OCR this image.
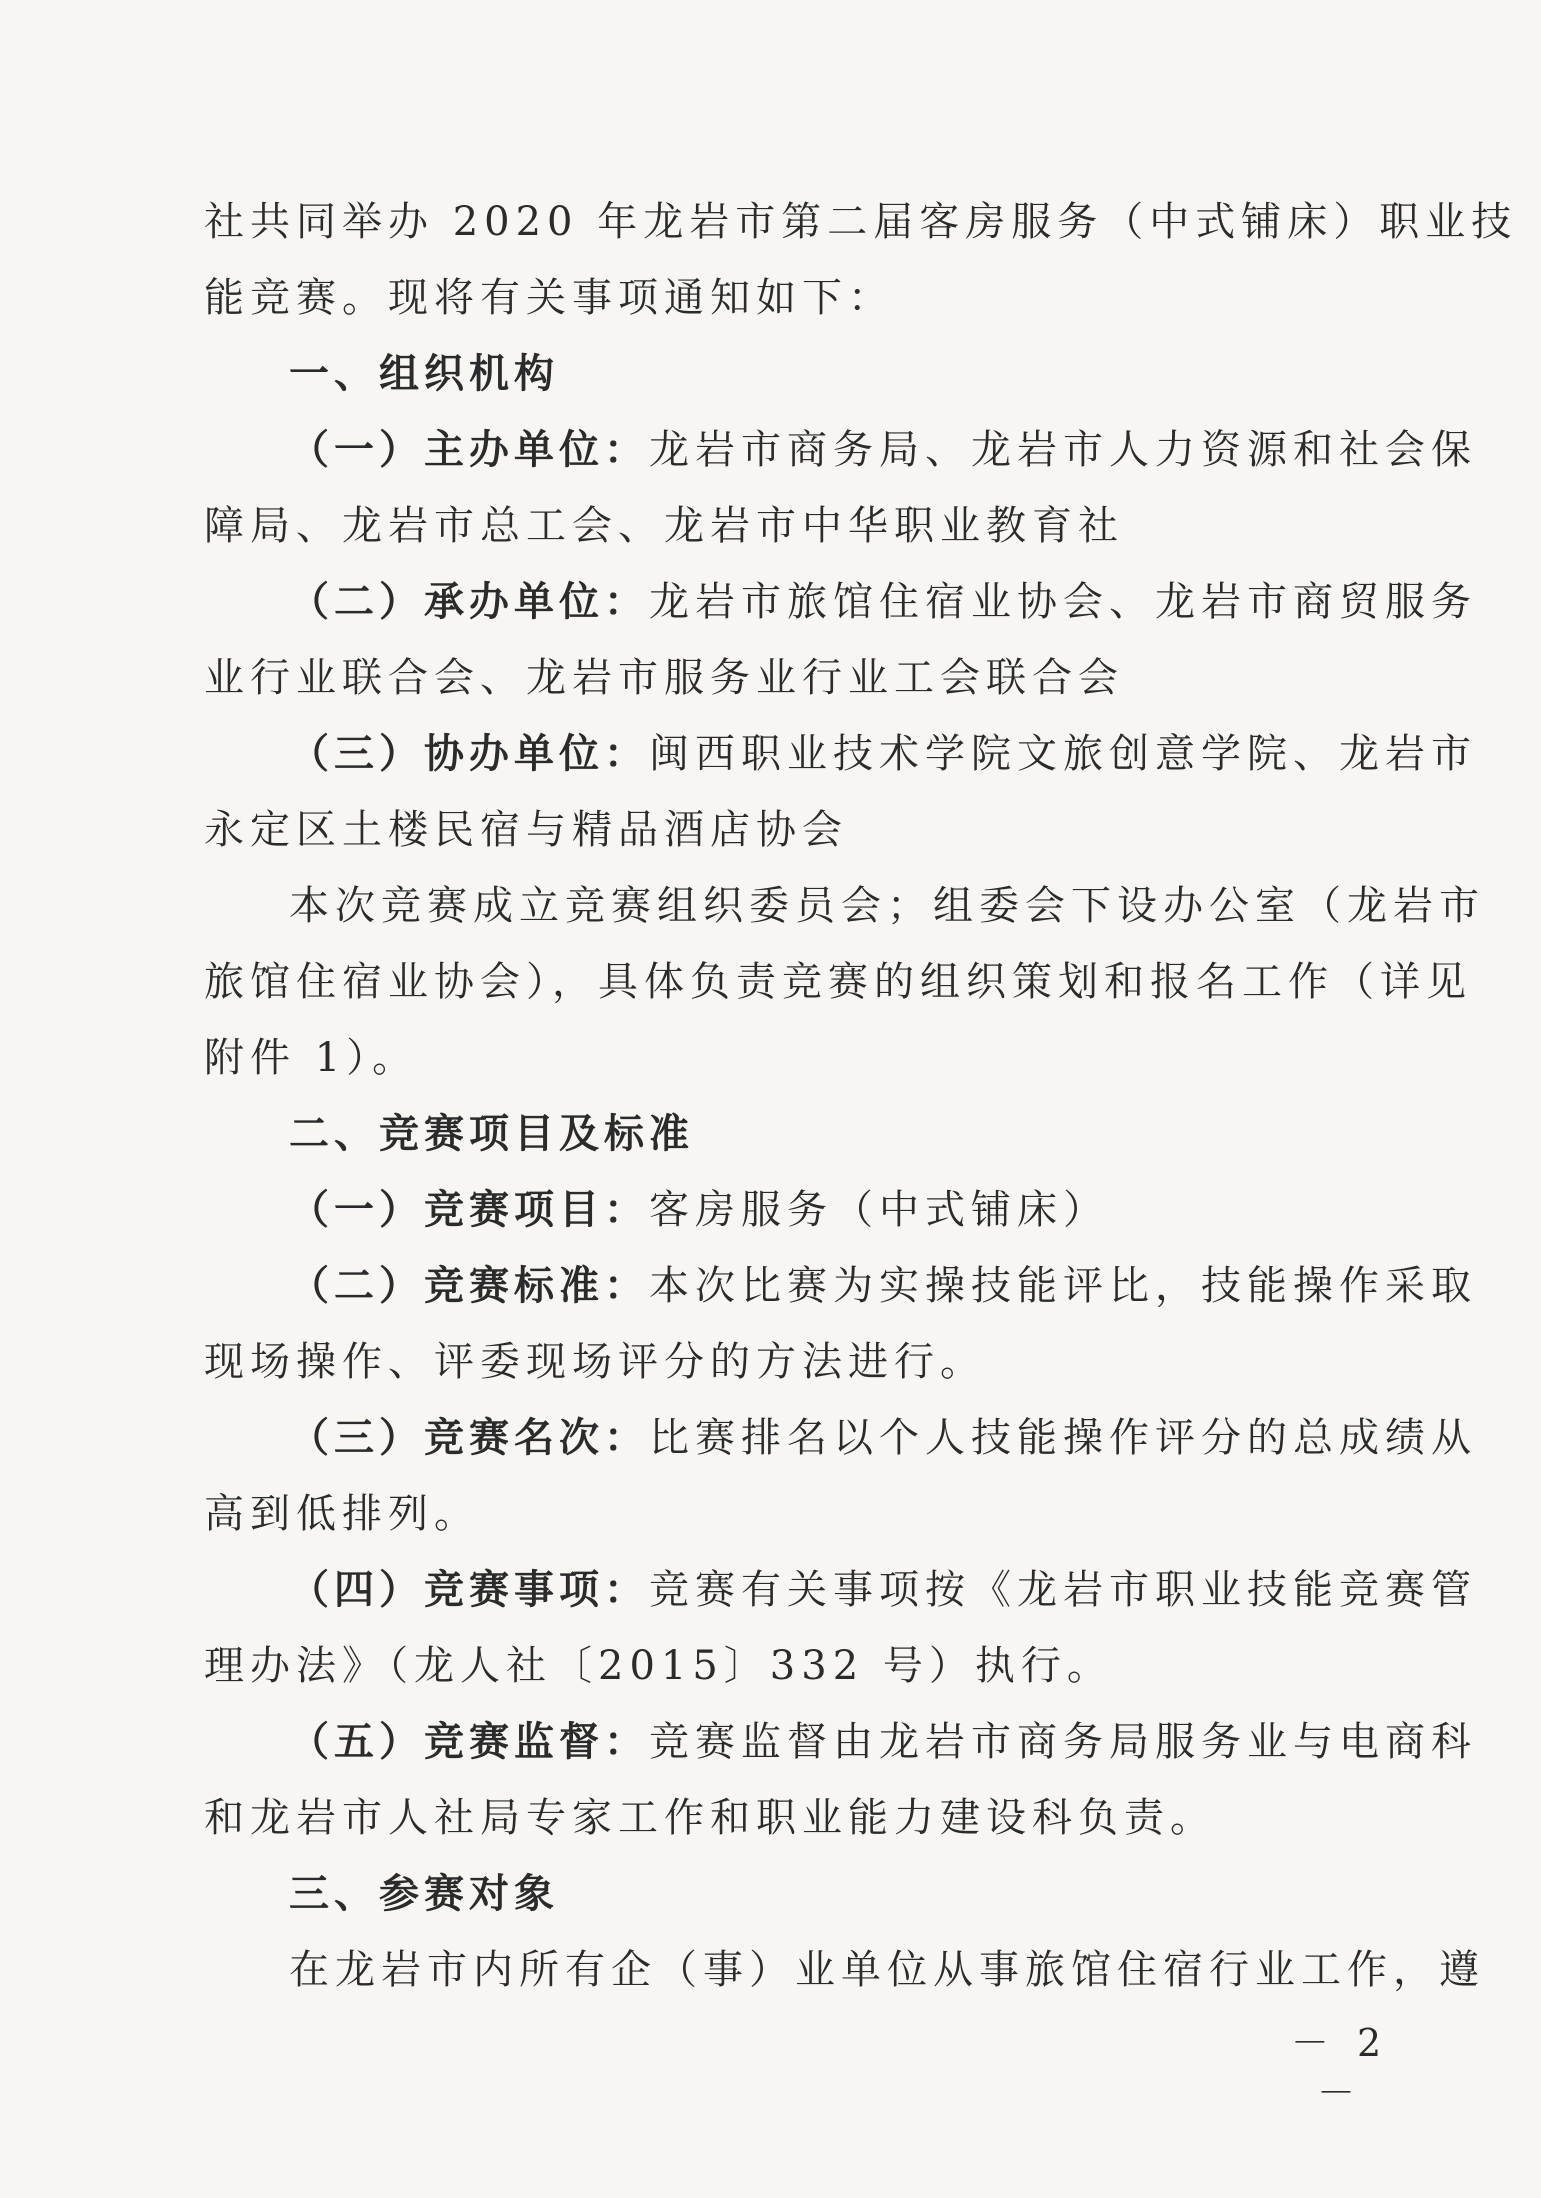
社共同举办 2020 年龙岩市第二届客房服务（中式铺床）职业技
能竞赛。现将有关事项通知如下：
一、组织机构
（一）主办单位：龙岩市商务局、龙岩市人力资源和社会保
障局、龙岩市总工会、龙岩市中华职业教育社
（二）承办单位：龙岩市旅馆住宿业协会、龙岩市商贸服务
业行业联合会、龙岩市服务业行业工会联合会
（三）协办单位：闽西职业技术学院文旅创意学院、龙岩市
永定区土楼民宿与精品酒店协会
本次竞赛成立竞赛组织委员会；组委会下设办公室（龙岩市
旅馆住宿业协会），具体负责竞赛的组织策划和报名工作（详见
附件 1）。
二、竞赛项目及标准
（一）竞赛项目：客房服务（中式铺床）
（二）竞赛标准：本次比赛为实操技能评比，技能操作采取
现场操作、评委现场评分的方法进行。
（三）竞赛名次：比赛排名以个人技能操作评分的总成绩从
高到低排列。
（四）竞赛事项：竞赛有关事项按《龙岩市职业技能竞赛管
理办法》（龙人社〔2015〕332 号）执行。
（五）竞赛监督：竞赛监督由龙岩市商务局服务业与电商科
和龙岩市人社局专家工作和职业能力建设科负责。
三、参赛对象
在龙岩市内所有企（事）业单位从事旅馆住宿行业工作，遵
－ 2 －
